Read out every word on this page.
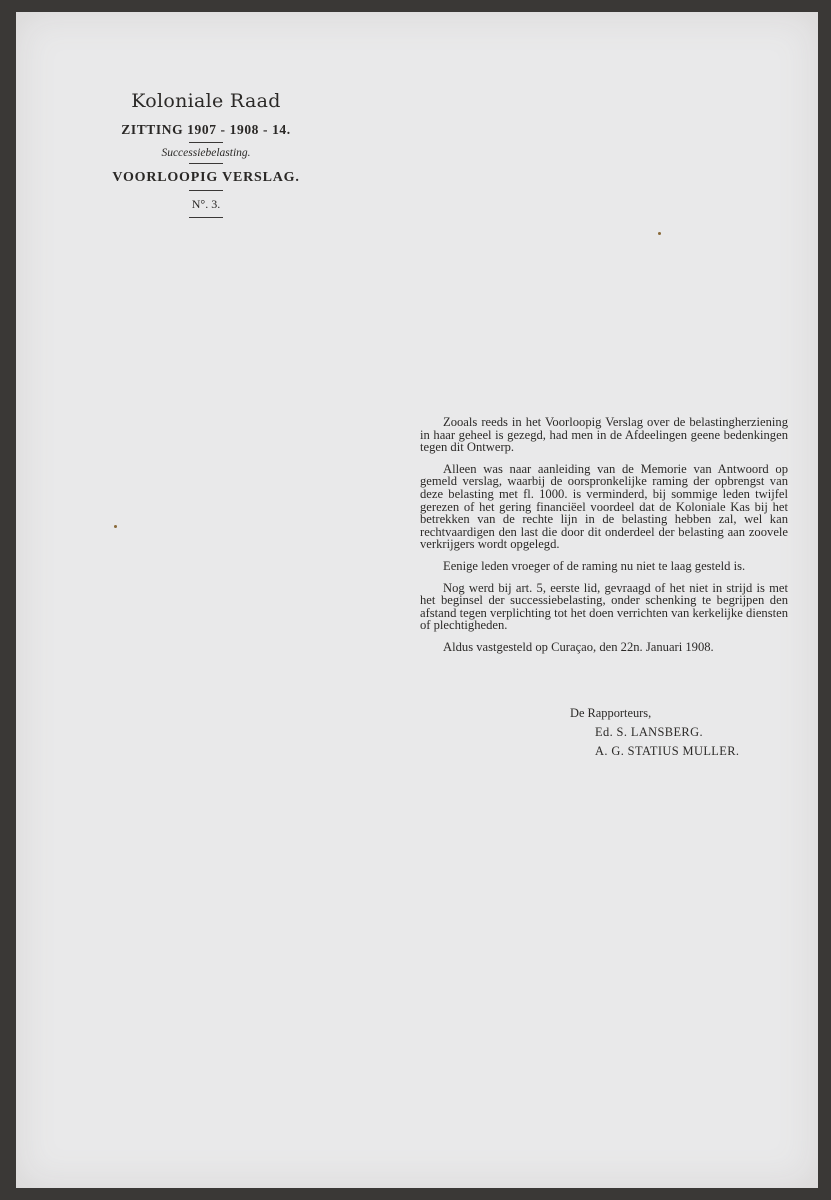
Koloniale Raad

ZITTING 1907 - 1908 - 14.

Successiebelasting.

VOORLOOPIG VERSLAG.

N°. 3.

Zooals reeds in het Voorloopig Verslag over de belastingherziening in haar geheel is gezegd, had men in de Afdeelingen geene bedenkingen tegen dit Ontwerp.

Alleen was naar aanleiding van de Memorie van Antwoord op gemeld verslag, waarbij de oorspronkelijke raming der opbrengst van deze belasting met fl. 1000. is verminderd, bij sommige leden twijfel gerezen of het gering financiëel voordeel dat de Koloniale Kas bij het betrekken van de rechte lijn in de belasting hebben zal, wel kan rechtvaardigen den last die door dit onderdeel der belasting aan zoovele verkrijgers wordt opgelegd.

Eenige leden vroeger of de raming nu niet te laag gesteld is.

Nog werd bij art. 5, eerste lid, gevraagd of het niet in strijd is met het beginsel der successiebelasting, onder schenking te begrijpen den afstand tegen verplichting tot het doen verrichten van kerkelijke diensten of plechtigheden.

Aldus vastgesteld op Curaçao, den 22n. Januari 1908.

De Rapporteurs,
Ed. S. LANSBERG.
A. G. STATIUS MULLER.
